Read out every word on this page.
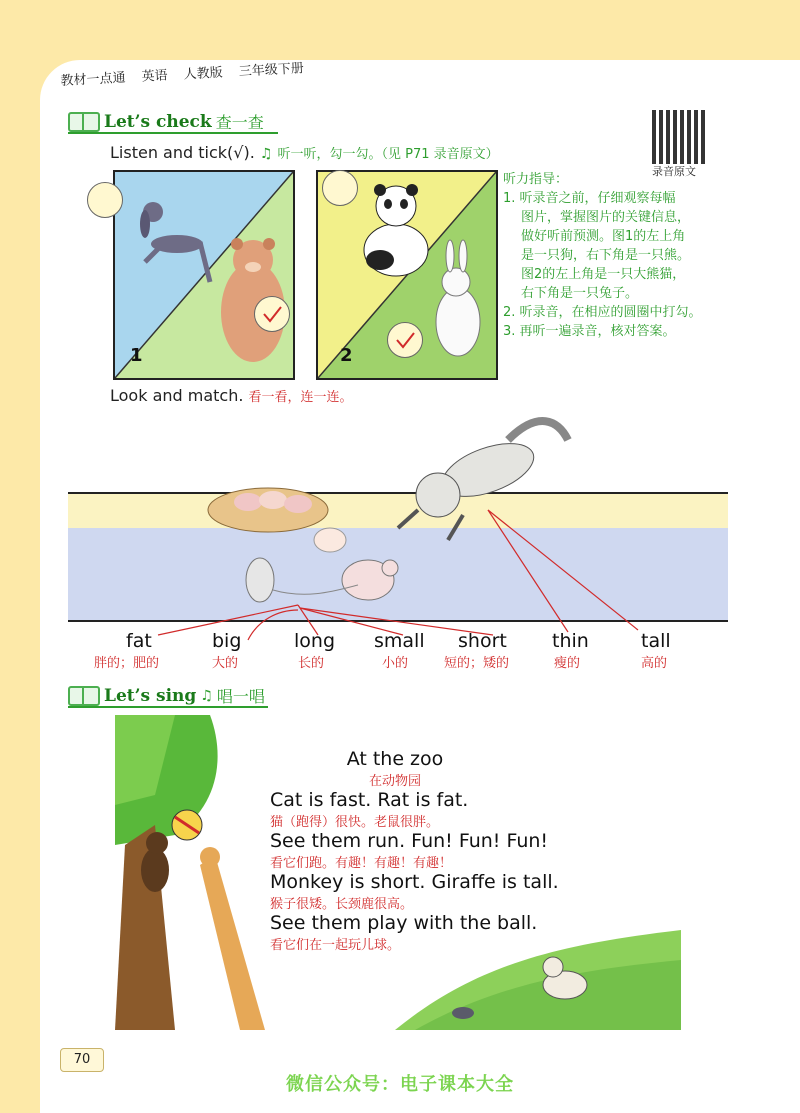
教材一点通 英语 人教版 三年级下册
录音原文
Let’s check 查一查
Listen and tick(√). ♫ 听一听，勾一勾。（见 P71 录音原文）
1	2
听力指导：
1. 听录音之前，仔细观察每幅
图片，掌握图片的关键信息，
做好听前预测。图1的左上角
是一只狗，右下角是一只熊。
图2的左上角是一只大熊猫，
右下角是一只兔子。
2. 听录音，在相应的圆圈中打勾。
3. 再听一遍录音，核对答案。
Look and match. 看一看，连一连。
fat
胖的；肥的
big
大的
long
长的
small
小的
short
短的；矮的
thin
瘦的
tall
高的
Let’s sing ♫ 唱一唱
At the zoo
在动物园
Cat is fast. Rat is fat.
猫（跑得）很快。老鼠很胖。
See them run. Fun! Fun! Fun!
看它们跑。有趣！有趣！有趣！
Monkey is short. Giraffe is tall.
猴子很矮。长颈鹿很高。
See them play with the ball.
看它们在一起玩儿球。
70
微信公众号：电子课本大全
